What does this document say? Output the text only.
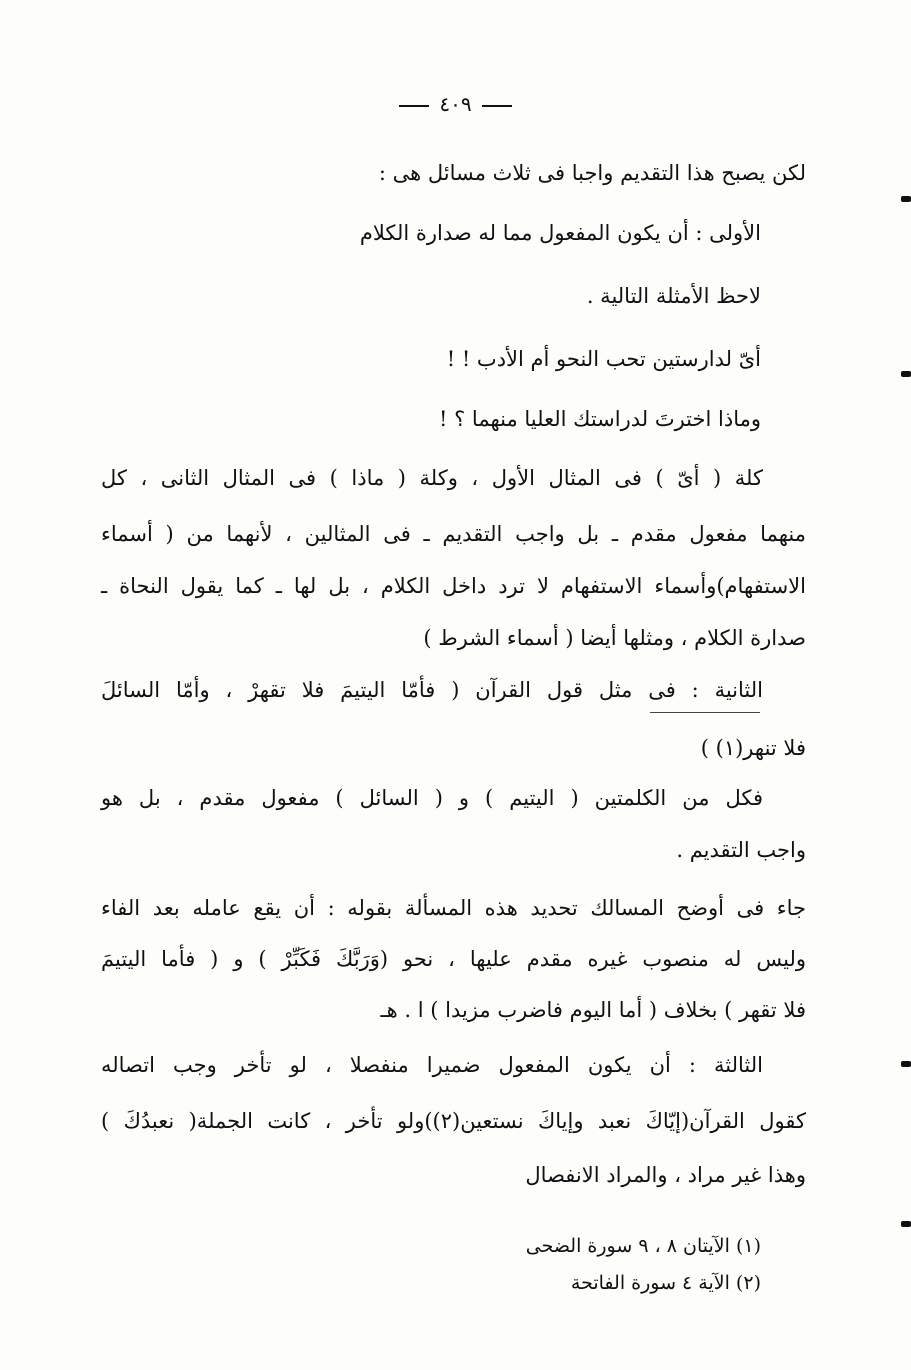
٤٠٩
لكن يصبح هذا التقديم واجبا فى ثلاث مسائل هى :
الأولى : أن يكون المفعول مما له صدارة الكلام
لاحظ الأمثلة التالية .
أىّ لدارستين تحب النحو أم الأدب ! !
وماذا اخترتَ لدراستك العليا منهما ؟ !
كلة ( أىّ ) فى المثال الأول ، وكلة ( ماذا ) فى المثال الثانى ، كل
منهما مفعول مقدم ـ بل واجب التقديم ـ فى المثالين ، لأنهما من ( أسماء
الاستفهام)وأسماء الاستفهام لا ترد داخل الكلام ، بل لها ـ كما يقول النحاة ـ
صدارة الكلام ، ومثلها أيضا ( أسماء الشرط )
الثانية : فى مثل قول القرآن ( فأمّا اليتيمَ فلا تقهرْ ، وأمّا السائلَ
فلا تنهر(١) )
فكل من الكلمتين ( اليتيم ) و ( السائل ) مفعول مقدم ، بل هو
واجب التقديم .
جاء فى أوضح المسالك تحديد هذه المسألة بقوله : أن يقع عامله بعد الفاء
وليس له منصوب غيره مقدم عليها ، نحو (وَرَبَّكَ فَكَبِّرْ ) و ( فأما اليتيمَ
فلا تقهر ) بخلاف ( أما اليوم فاضرب مزيدا ) ا . هـ
الثالثة : أن يكون المفعول ضميرا منفصلا ، لو تأخر وجب اتصاله
كقول القرآن(إيّاكَ نعبد وإياكَ نستعين(٢))ولو تأخر ، كانت الجملة( نعبدُكَ )
وهذا غير مراد ، والمراد الانفصال
(١) الآيتان ٨ ، ٩ سورة الضحى
(٢) الآية ٤ سورة الفاتحة
